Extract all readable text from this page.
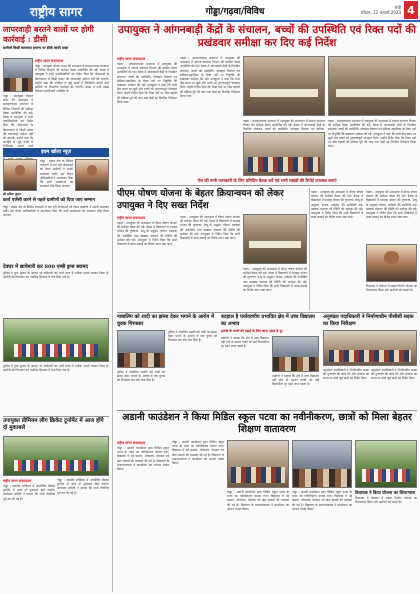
राष्ट्रीय सागर	गोड्डा/गढ़वा/विविध	रांची
रविवार, 22 जनवरी 2023 4
लापरवाही बरतने वालों पर होगी कार्रवाई : डीसी
ग्रामीणों किसी कागजात समान्य पर डीसी काफी सख्त
राष्ट्रीय सागर संवाददाता
गोड्डा : उपायुक्त जीशान कमर की अध्यक्षता में समाहरणालय सभागार में विभिन्न विभागों की समीक्षा बैठक आयोजित की गई। बैठक में उपायुक्त ने सभी पदाधिकारियों को निर्देश दिया कि योजनाओं के क्रियान्वयन में किसी प्रकार की लापरवाही बर्दाश्त नहीं की जाएगी। उन्होंने कहा कि जनहित से जुड़े कार्यों में शिथिलता बरतने वाले कर्मियों पर विभागीय कार्रवाई की जाएगी। बैठक में सभी प्रखंड विकास पदाधिकारी उपस्थित थे।
गोड्डा : उपायुक्त जीशान कमर की अध्यक्षता में समाहरणालय सभागार में विभिन्न विभागों की समीक्षा बैठक आयोजित की गई। बैठक में उपायुक्त ने सभी पदाधिकारियों को निर्देश दिया कि योजनाओं के क्रियान्वयन में किसी प्रकार की लापरवाही बर्दाश्त नहीं की जाएगी। उन्होंने कहा कि जनहित से जुड़े कार्यों में शिथिलता बरतने वाले
उपायुक्त ने आंगनबाड़ी केंद्रों के संचालन, बच्चों की उपस्थिति एवं रिक्त पदों की प्रखंडवार समीक्षा कर दिए कई निर्देश
राष्ट्रीय सागर संवाददाता
गढ़वा : समाहरणालय सभागार में उपायुक्त की अध्यक्षता में समाज कल्याण विभाग की समीक्षा बैठक आयोजित की गई। बैठक में आंगनबाड़ी केंद्रों के नियमित संचालन, बच्चों की उपस्थिति, पोषाहार वितरण एवं सेविका-सहायिका के रिक्त पदों पर नियुक्ति की प्रखंडवार समीक्षा की गई। उपायुक्त ने कहा कि सभी केंद्र समय पर खुलें और बच्चों को गुणवत्तापूर्ण पोषाहार मिले। उन्होंने निर्देश दिया कि रिक्त पदों पर शीघ्र बहाली की प्रक्रिया पूरी की जाए तथा केंद्रों का नियमित निरीक्षण किया जाए।
गढ़वा : समाहरणालय सभागार में उपायुक्त की अध्यक्षता में समाज कल्याण विभाग की समीक्षा बैठक आयोजित की गई। बैठक में आंगनबाड़ी केंद्रों के नियमित संचालन, बच्चों की उपस्थिति, पोषाहार वितरण एवं सेविका-सहायिका के रिक्त पदों पर नियुक्ति की प्रखंडवार समीक्षा की गई। उपायुक्त ने कहा कि सभी केंद्र समय पर खुलें और बच्चों को गुणवत्तापूर्ण पोषाहार मिले। उन्होंने निर्देश दिया कि रिक्त पदों पर शीघ्र बहाली की प्रक्रिया पूरी की जाए तथा केंद्रों का नियमित निरीक्षण किया जाए।
गढ़वा : समाहरणालय सभागार में उपायुक्त की अध्यक्षता में समाज कल्याण विभाग की समीक्षा बैठक आयोजित की गई। बैठक में आंगनबाड़ी केंद्रों के नियमित संचालन, बच्चों की उपस्थिति, पोषाहार वितरण एवं सेविका-
गढ़वा : समाहरणालय सभागार में उपायुक्त की अध्यक्षता में समाज कल्याण विभाग की समीक्षा बैठक आयोजित की गई। बैठक में आंगनबाड़ी केंद्रों के नियमित संचालन, बच्चों की उपस्थिति, पोषाहार वितरण एवं सेविका-सहायिका के रिक्त पदों पर नियुक्ति की प्रखंडवार समीक्षा की गई। उपायुक्त ने कहा कि सभी केंद्र समय पर खुलें और बच्चों को गुणवत्तापूर्ण पोषाहार मिले। उन्होंने निर्देश दिया कि रिक्त पदों पर शीघ्र बहाली की प्रक्रिया पूरी की जाए तथा केंद्रों का नियमित निरीक्षण किया जाए।
पेज की सभी जानकारी के लिए प्रतिदिन बैठक करें एवं सभी प्रखंडों की रिपोर्ट उपलब्ध कराएं
पीएम पोषण योजना के बेहतर क्रियान्वयन को लेकर उपायुक्त ने दिए सख्त निर्देश
राष्ट्रीय सागर संवाददाता
गढ़वा : उपायुक्त की अध्यक्षता में पीएम पोषण योजना की समीक्षा बैठक की गई। बैठक में विद्यालयों में मध्याह्न भोजन की गुणवत्ता, मेन्यू के अनुसार भोजन, रसोइया की उपस्थिति तथा खाद्यान्न भंडारण की स्थिति की समीक्षा की गई। उपायुक्त ने निर्देश दिया कि सभी विद्यालयों में साफ-सफाई का विशेष ध्यान रखा जाए।
गढ़वा : उपायुक्त की अध्यक्षता में पीएम पोषण योजना की समीक्षा बैठक की गई। बैठक में विद्यालयों में मध्याह्न भोजन की गुणवत्ता, मेन्यू के अनुसार भोजन, रसोइया की उपस्थिति तथा खाद्यान्न भंडारण की स्थिति की समीक्षा की गई। उपायुक्त ने निर्देश दिया कि सभी विद्यालयों में साफ-सफाई का विशेष ध्यान रखा जाए।
गढ़वा : उपायुक्त की अध्यक्षता में पीएम पोषण योजना की समीक्षा बैठक की गई। बैठक में विद्यालयों में मध्याह्न भोजन की गुणवत्ता, मेन्यू के अनुसार भोजन, रसोइया की उपस्थिति तथा खाद्यान्न भंडारण की स्थिति की समीक्षा की गई। उपायुक्त ने निर्देश दिया कि सभी विद्यालयों में साफ-सफाई का विशेष ध्यान रखा जाए।
गढ़वा : उपायुक्त की अध्यक्षता में पीएम पोषण योजना की समीक्षा बैठक की गई। बैठक में विद्यालयों में मध्याह्न भोजन की गुणवत्ता, मेन्यू के अनुसार भोजन, रसोइया की उपस्थिति तथा खाद्यान्न भंडारण की स्थिति की समीक्षा की गई। उपायुक्त ने निर्देश दिया कि सभी विद्यालयों में साफ-सफाई का विशेष ध्यान रखा जाए।
गढ़वा : उपायुक्त की अध्यक्षता में पीएम पोषण योजना की समीक्षा बैठक की गई। बैठक में विद्यालयों में मध्याह्न भोजन की गुणवत्ता, मेन्यू के अनुसार भोजन, रसोइया की उपस्थिति तथा खाद्यान्न भंडारण की स्थिति की समीक्षा की गई। उपायुक्त ने निर्देश दिया कि सभी विद्यालयों में साफ-सफाई का विशेष ध्यान रखा जाए।
विधायक ने पंचायत में सड़क निर्माण योजना का शिलान्यास किया और ग्रामीणों को बधाई दी।
इवम खोला न्यूज़
श्री सविता कुमार
गोड्डा : प्रखंड क्षेत्र के विभिन्न पंचायतों में चल रही योजनाओं को लेकर ग्रामीणों ने अपनी समस्याएं रखीं। इस दौरान अधिकारियों ने आश्वासन दिया कि सभी समस्याओं का समाधान शीघ्र किया जाएगा।
कार्य एजेंसी करने से पहले ग्रामीणों को दिया जाए सम्मान
गोड्डा : प्रखंड क्षेत्र के विभिन्न पंचायतों में चल रही योजनाओं को लेकर ग्रामीणों ने अपनी समस्याएं रखीं। इस दौरान अधिकारियों ने आश्वासन दिया कि सभी समस्याओं का समाधान शीघ्र किया जाएगा।
देवघर में छापेमारी कर 800 एम्बी ड्रग्स बरामद
पुलिस ने गुप्त सूचना के आधार पर छापेमारी कर भारी मात्रा में नशीला पदार्थ बरामद किया है। आरोपी को गिरफ्तार कर न्यायिक हिरासत में भेज दिया गया है।
पुलिस ने गुप्त सूचना के आधार पर छापेमारी कर भारी मात्रा में नशीला पदार्थ बरामद किया है। आरोपी को गिरफ्तार कर न्यायिक हिरासत में भेज दिया गया है।
नाबालिग को शादी का झांसा देकर भगाने के आरोप में युवक गिरफ्तार
पुलिस ने नाबालिग लड़की को शादी का झांसा देकर भगाने के आरोप में एक युवक को गिरफ्तार कर जेल भेज दिया है।
पुलिस ने नाबालिग लड़की को शादी का झांसा देकर भगाने के आरोप में एक युवक को गिरफ्तार कर जेल भेज दिया है।
बदहाल है पर्यावरणीय प्रभावित क्षेत्र में उच्च विद्यालय का अभाव
इलाके के बच्चों को पढ़ाई के लिए जाना पड़ता है दूर
ग्रामीणों ने बताया कि क्षेत्र में उच्च विद्यालय नहीं होने के कारण बच्चों को कई किलोमीटर दूर पढ़ने जाना पड़ता है।
ग्रामीणों ने बताया कि क्षेत्र में उच्च विद्यालय नहीं होने के कारण बच्चों को कई किलोमीटर दूर पढ़ने जाना पड़ता है।
अनुमंडल पदाधिकारी ने निर्माणाधीन पीसीसी सड़क का किया निरीक्षण
अनुमंडल पदाधिकारी ने निर्माणाधीन सड़क की गुणवत्ता की जांच की और संवेदक को समय पर कार्य पूरा करने का निर्देश दिया।
अनुमंडल पदाधिकारी ने निर्माणाधीन सड़क की गुणवत्ता की जांच की और संवेदक को समय पर कार्य पूरा करने का निर्देश दिया।
उपायुक्त प्रीमियम लीग क्रिकेट टूर्नामेंट में आज होंगे दो मुकाबले
राष्ट्रीय सागर संवाददाता
गोड्डा : स्थानीय स्टेडियम में आयोजित क्रिकेट टूर्नामेंट में आज दो मुकाबले खेले जाएंगे। आयोजन समिति ने बताया कि सभी तैयारियां पूरी कर ली गई हैं।
गोड्डा : स्थानीय स्टेडियम में आयोजित क्रिकेट टूर्नामेंट में आज दो मुकाबले खेले जाएंगे। आयोजन समिति ने बताया कि सभी तैयारियां पूरी कर ली गई हैं।
अडानी फाउंडेशन ने किया मिडिल स्कूल पटवा का नवीनीकरण, छात्रों को मिला बेहतर शिक्षण वातावरण
राष्ट्रीय सागर संवाददाता
गोड्डा : अडानी फाउंडेशन द्वारा मिडिल स्कूल पटवा के भवन का नवीनीकरण कराया गया। विद्यालय में नई कक्षाएं, शौचालय, पेयजल एवं खेल सामग्री की व्यवस्था की गई है। विद्यालय के प्रधानाध्यापक ने फाउंडेशन का आभार व्यक्त किया।
गोड्डा : अडानी फाउंडेशन द्वारा मिडिल स्कूल पटवा के भवन का नवीनीकरण कराया गया। विद्यालय में नई कक्षाएं, शौचालय, पेयजल एवं खेल सामग्री की व्यवस्था की गई है। विद्यालय के प्रधानाध्यापक ने फाउंडेशन का आभार व्यक्त किया।
गोड्डा : अडानी फाउंडेशन द्वारा मिडिल स्कूल पटवा के भवन का नवीनीकरण कराया गया। विद्यालय में नई कक्षाएं, शौचालय, पेयजल एवं खेल सामग्री की व्यवस्था की गई है। विद्यालय के प्रधानाध्यापक ने फाउंडेशन का आभार व्यक्त किया।
गोड्डा : अडानी फाउंडेशन द्वारा मिडिल स्कूल पटवा के भवन का नवीनीकरण कराया गया। विद्यालय में नई कक्षाएं, शौचालय, पेयजल एवं खेल सामग्री की व्यवस्था की गई है। विद्यालय के प्रधानाध्यापक ने फाउंडेशन का आभार व्यक्त किया।
विधायक ने किया योजना का शिलान्यास
विधायक ने पंचायत में सड़क निर्माण योजना का शिलान्यास किया और ग्रामीणों को बधाई दी।
